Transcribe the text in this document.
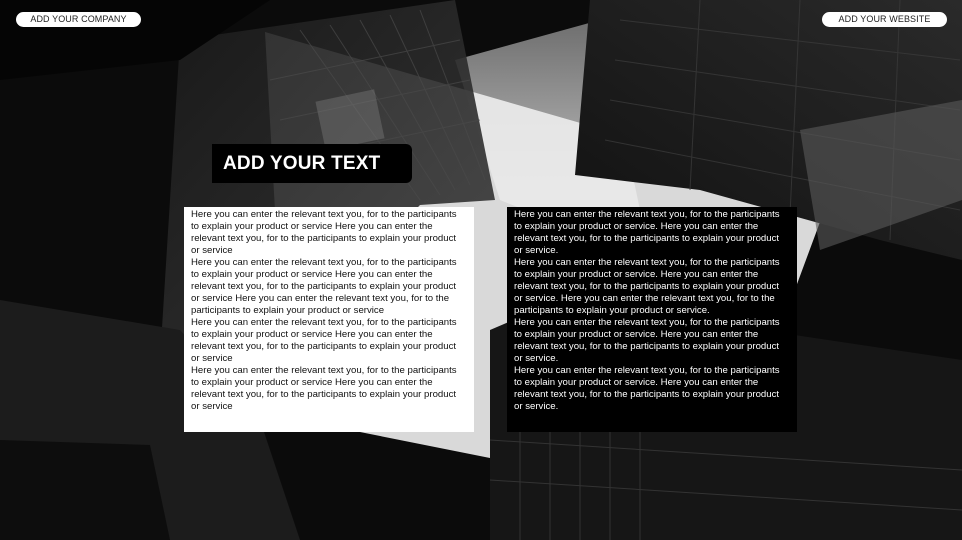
ADD YOUR COMPANY	ADD YOUR WEBSITE
ADD YOUR TEXT

Here you can enter the relevant text you, for to the participants to explain your product or service Here you can enter the relevant text you, for to the participants to explain your product or service

Here you can enter the relevant text you, for to the participants to explain your product or service Here you can enter the relevant text you, for to the participants to explain your product or service Here you can enter the relevant text you, for to the participants to explain your product or service

Here you can enter the relevant text you, for to the participants to explain your product or service Here you can enter the relevant text you, for to the participants to explain your product or service

Here you can enter the relevant text you, for to the participants to explain your product or service Here you can enter the relevant text you, for to the participants to explain your product or service

Here you can enter the relevant text you, for to the participants to explain your product or service. Here you can enter the relevant text you, for to the participants to explain your product or service.

Here you can enter the relevant text you, for to the participants to explain your product or service. Here you can enter the relevant text you, for to the participants to explain your product or service. Here you can enter the relevant text you, for to the participants to explain your product or service.

Here you can enter the relevant text you, for to the participants to explain your product or service. Here you can enter the relevant text you, for to the participants to explain your product or service.

Here you can enter the relevant text you, for to the participants to explain your product or service. Here you can enter the relevant text you, for to the participants to explain your product or service.
